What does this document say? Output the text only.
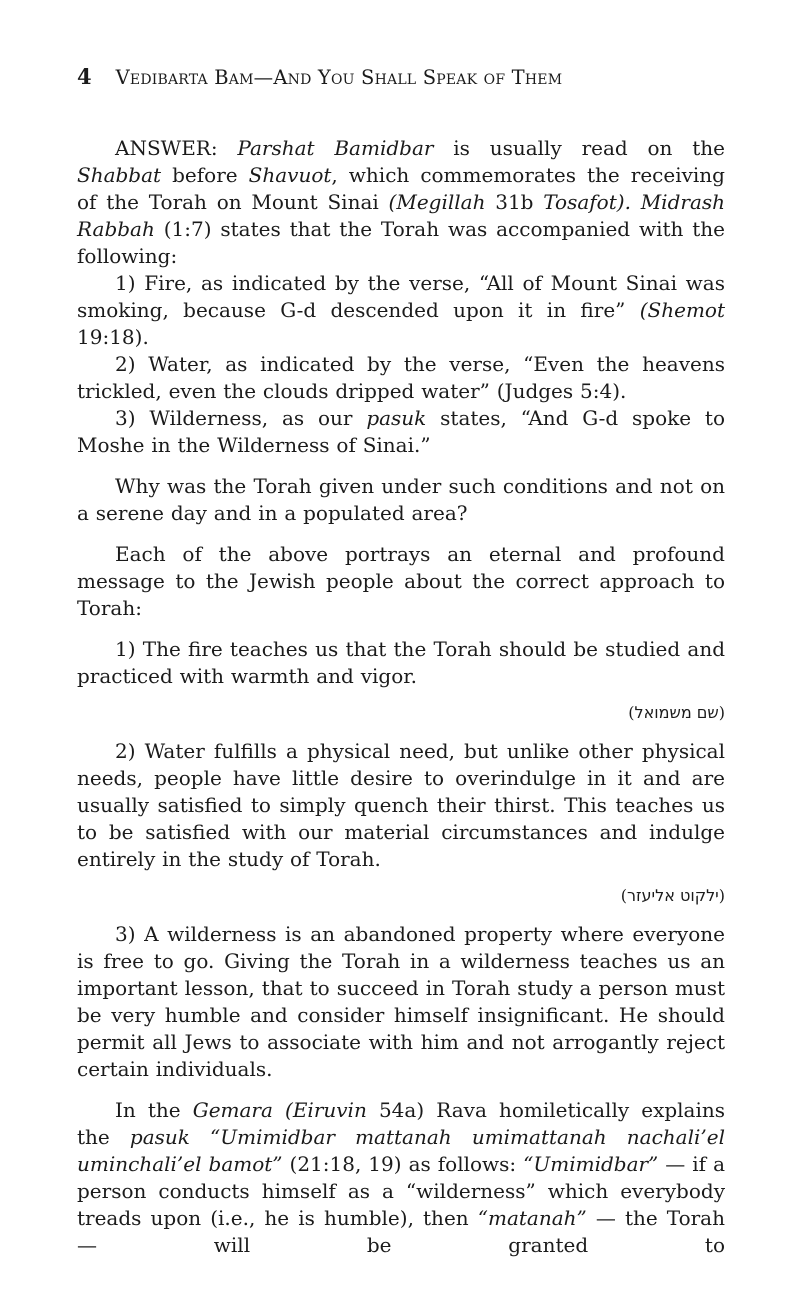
4 Vedibarta Bam—And You Shall Speak of Them

ANSWER: Parshat Bamidbar is usually read on the Shabbat before Shavuot, which commemorates the receiving of the Torah on Mount Sinai (Megillah 31b Tosafot). Midrash Rabbah (1:7) states that the Torah was accompanied with the following:

1) Fire, as indicated by the verse, “All of Mount Sinai was smoking, because G-d descended upon it in fire” (Shemot 19:18).

2) Water, as indicated by the verse, “Even the heavens trickled, even the clouds dripped water” (Judges 5:4).

3) Wilderness, as our pasuk states, “And G-d spoke to Moshe in the Wilderness of Sinai.”

Why was the Torah given under such conditions and not on a serene day and in a populated area?

Each of the above portrays an eternal and profound message to the Jewish people about the correct approach to Torah:

1) The fire teaches us that the Torah should be studied and practiced with warmth and vigor.

(שם משמואל)

2) Water fulfills a physical need, but unlike other physical needs, people have little desire to overindulge in it and are usually satisfied to simply quench their thirst. This teaches us to be satisfied with our material circumstances and indulge entirely in the study of Torah.

(ילקוט אליעזר)

3) A wilderness is an abandoned property where everyone is free to go. Giving the Torah in a wilderness teaches us an important lesson, that to succeed in Torah study a person must be very humble and consider himself insignificant. He should permit all Jews to associate with him and not arrogantly reject certain individuals.

In the Gemara (Eiruvin 54a) Rava homiletically explains the pasuk “Umimidbar mattanah umimattanah nachali’el uminchali’el bamot” (21:18, 19) as follows: “Umimidbar” — if a person conducts himself as a “wilderness” which everybody treads upon (i.e., he is humble), then “matanah” — the Torah — will be granted to
